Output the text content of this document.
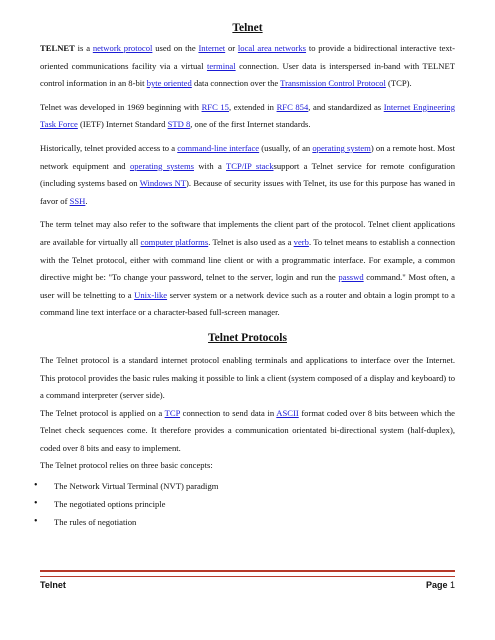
Telnet

TELNET is a network protocol used on the Internet or local area networks to provide a bidirectional interactive text-oriented communications facility via a virtual terminal connection. User data is interspersed in-band with TELNET control information in an 8-bit byte oriented data connection over the Transmission Control Protocol (TCP).

Telnet was developed in 1969 beginning with RFC 15, extended in RFC 854, and standardized as Internet Engineering Task Force (IETF) Internet Standard STD 8, one of the first Internet standards.

Historically, telnet provided access to a command-line interface (usually, of an operating system) on a remote host. Most network equipment and operating systems with a TCP/IP stacksupport a Telnet service for remote configuration (including systems based on Windows NT). Because of security issues with Telnet, its use for this purpose has waned in favor of SSH.

The term telnet may also refer to the software that implements the client part of the protocol. Telnet client applications are available for virtually all computer platforms. Telnet is also used as a verb. To telnet means to establish a connection with the Telnet protocol, either with command line client or with a programmatic interface. For example, a common directive might be: "To change your password, telnet to the server, login and run the passwd command." Most often, a user will be telnetting to a Unix-like server system or a network device such as a router and obtain a login prompt to a command line text interface or a character-based full-screen manager.

Telnet Protocols

The Telnet protocol is a standard internet protocol enabling terminals and applications to interface over the Internet. This protocol provides the basic rules making it possible to link a client (system composed of a display and keyboard) to a command interpreter (server side).

The Telnet protocol is applied on a TCP connection to send data in ASCII format coded over 8 bits between which the Telnet check sequences come. It therefore provides a communication orientated bi-directional system (half-duplex), coded over 8 bits and easy to implement.

The Telnet protocol relies on three basic concepts:

• The Network Virtual Terminal (NVT) paradigm
• The negotiated options principle
• The rules of negotiation
Telnet	Page 1
